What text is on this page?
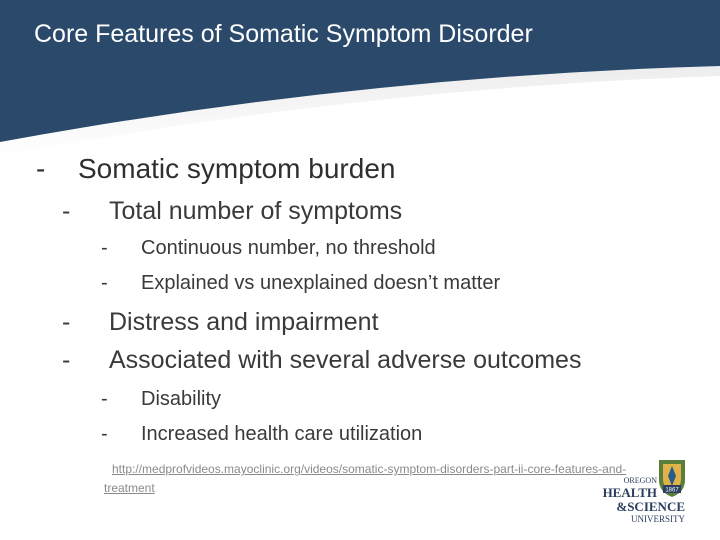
Core Features of Somatic Symptom Disorder
- Somatic symptom burden
- Total number of symptoms
- Continuous number, no threshold
- Explained vs unexplained doesn’t matter
- Distress and impairment
- Associated with several adverse outcomes
- Disability
- Increased health care utilization
http://medprofvideos.mayoclinic.org/videos/somatic-symptom-disorders-part-ii-core-features-and-treatment	1867
OREGON
HEALTH
&SCIENCE
UNIVERSITY
